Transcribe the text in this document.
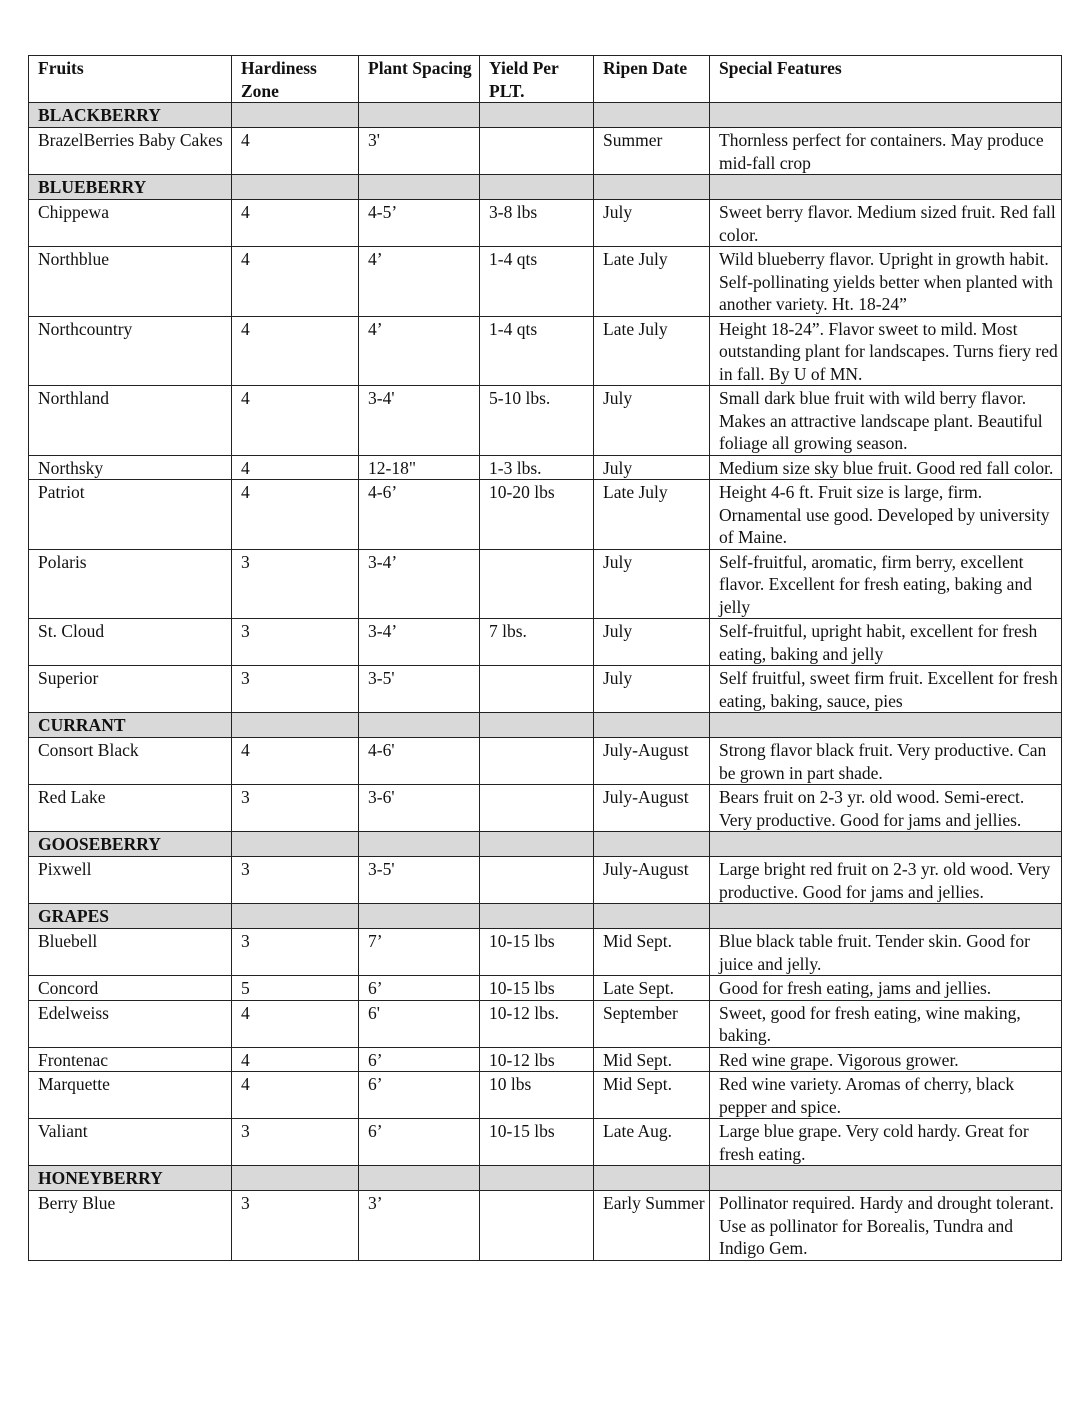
Fruits	Hardiness Zone	Plant Spacing	Yield Per PLT.	Ripen Date	Special Features
BLACKBERRY					
BrazelBerries Baby Cakes	4	3'		Summer	Thornless perfect for containers. May produce mid-fall crop
BLUEBERRY					
Chippewa	4	4-5’	3-8 lbs	July	Sweet berry flavor. Medium sized fruit. Red fall color.
Northblue	4	4’	1-4 qts	Late July	Wild blueberry flavor. Upright in growth habit. Self-pollinating yields better when planted with another variety. Ht. 18-24”
Northcountry	4	4’	1-4 qts	Late July	Height 18-24”. Flavor sweet to mild. Most outstanding plant for landscapes. Turns fiery red in fall. By U of MN.
Northland	4	3-4'	5-10 lbs.	July	Small dark blue fruit with wild berry flavor. Makes an attractive landscape plant. Beautiful foliage all growing season.
Northsky	4	12-18"	1-3 lbs.	July	Medium size sky blue fruit. Good red fall color.
Patriot	4	4-6’	10-20 lbs	Late July	Height 4-6 ft. Fruit size is large, firm. Ornamental use good. Developed by university of Maine.
Polaris	3	3-4’		July	Self-fruitful, aromatic, firm berry, excellent flavor. Excellent for fresh eating, baking and jelly
St. Cloud	3	3-4’	7 lbs.	July	Self-fruitful, upright habit, excellent for fresh eating, baking and jelly
Superior	3	3-5'		July	Self fruitful, sweet firm fruit. Excellent for fresh eating, baking, sauce, pies
CURRANT					
Consort Black	4	4-6'		July-August	Strong flavor black fruit. Very productive. Can be grown in part shade.
Red Lake	3	3-6'		July-August	Bears fruit on 2-3 yr. old wood. Semi-erect. Very productive. Good for jams and jellies.
GOOSEBERRY					
Pixwell	3	3-5'		July-August	Large bright red fruit on 2-3 yr. old wood. Very productive. Good for jams and jellies.
GRAPES					
Bluebell	3	7’	10-15 lbs	Mid Sept.	Blue black table fruit. Tender skin. Good for juice and jelly.
Concord	5	6’	10-15 lbs	Late Sept.	Good for fresh eating, jams and jellies.
Edelweiss	4	6'	10-12 lbs.	September	Sweet, good for fresh eating, wine making, baking.
Frontenac	4	6’	10-12 lbs	Mid Sept.	Red wine grape. Vigorous grower.
Marquette	4	6’	10 lbs	Mid Sept.	Red wine variety. Aromas of cherry, black pepper and spice.
Valiant	3	6’	10-15 lbs	Late Aug.	Large blue grape. Very cold hardy. Great for fresh eating.
HONEYBERRY					
Berry Blue	3	3’		Early Summer	Pollinator required. Hardy and drought tolerant. Use as pollinator for Borealis, Tundra and Indigo Gem.
